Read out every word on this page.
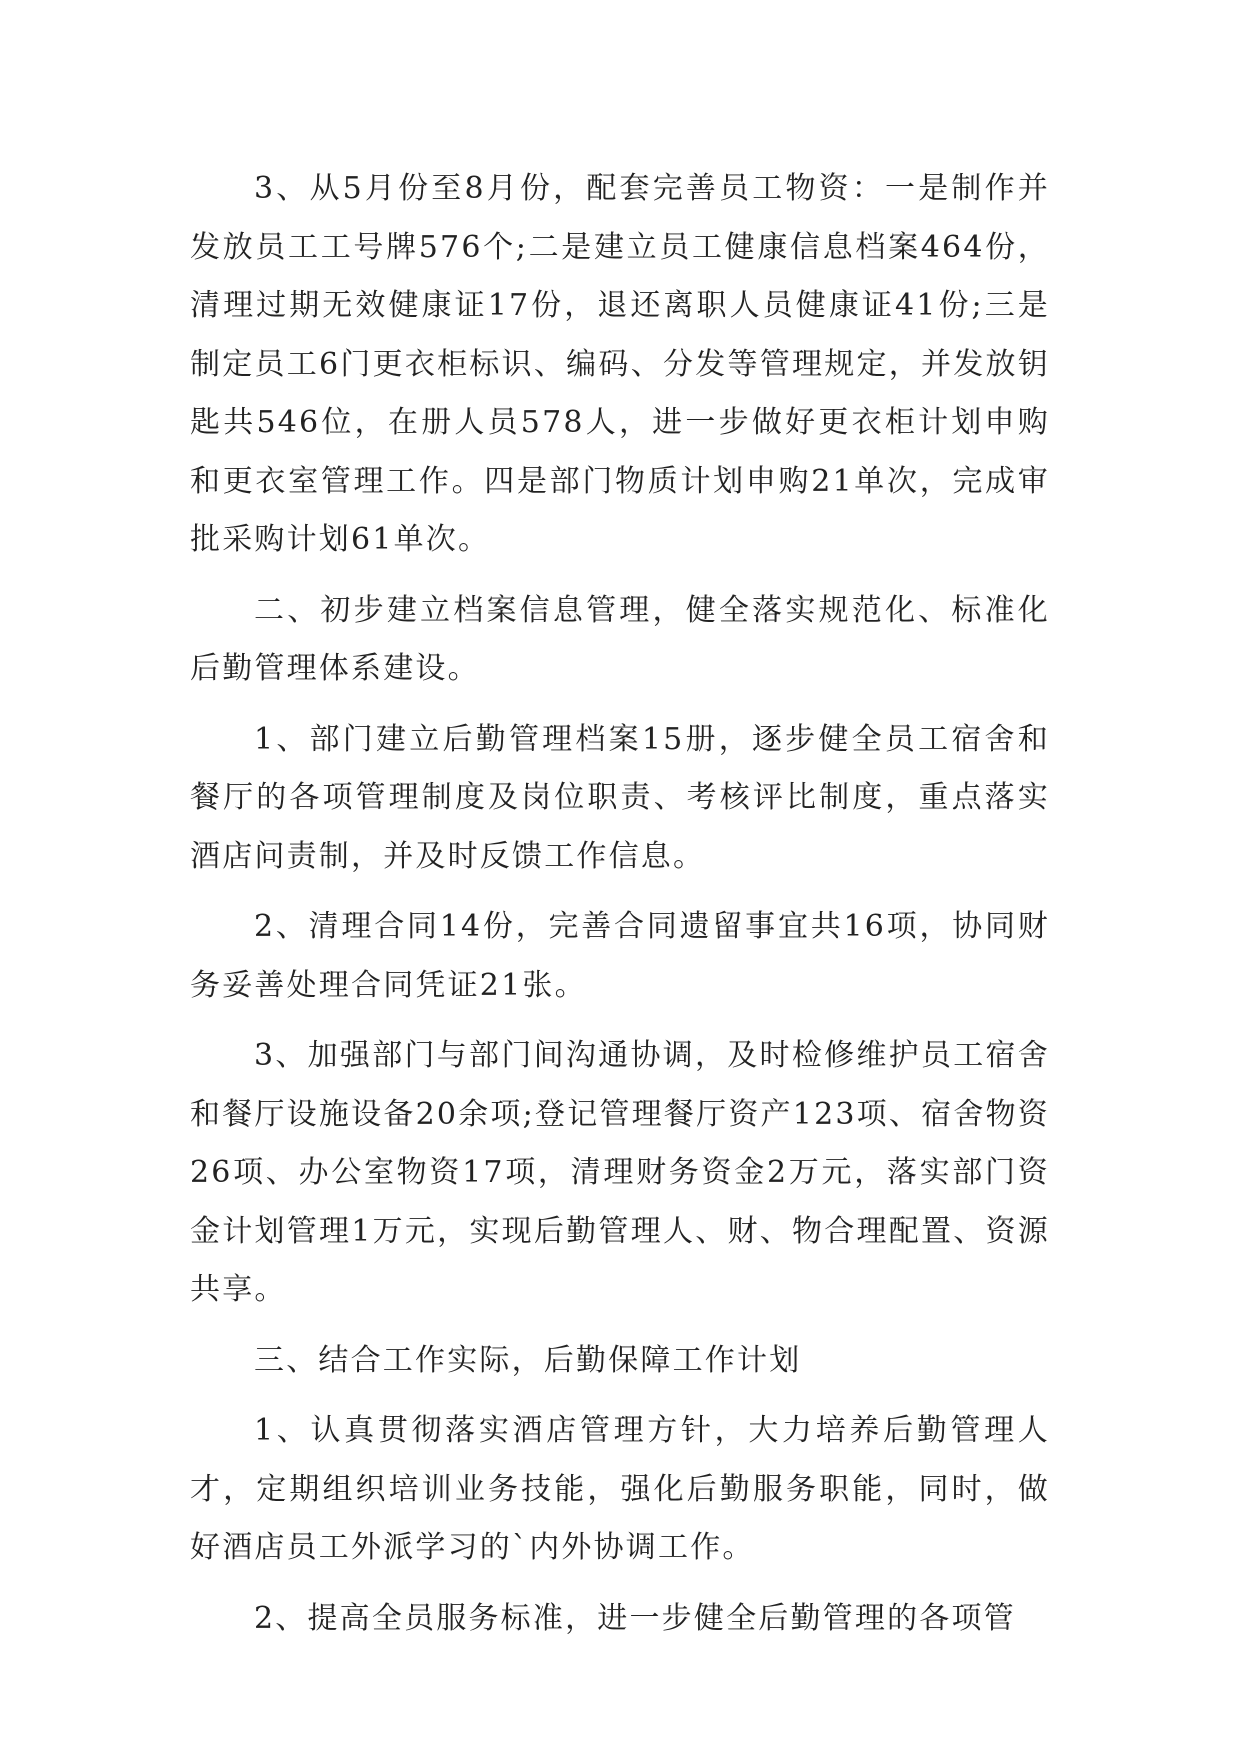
3、从5月份至8月份，配套完善员工物资：一是制作并发放员工工号牌576个;二是建立员工健康信息档案464份，清理过期无效健康证17份，退还离职人员健康证41份;三是制定员工6门更衣柜标识、编码、分发等管理规定，并发放钥匙共546位，在册人员578人，进一步做好更衣柜计划申购和更衣室管理工作。四是部门物质计划申购21单次，完成审批采购计划61单次。

二、初步建立档案信息管理，健全落实规范化、标准化后勤管理体系建设。

1、部门建立后勤管理档案15册，逐步健全员工宿舍和餐厅的各项管理制度及岗位职责、考核评比制度，重点落实酒店问责制，并及时反馈工作信息。

2、清理合同14份，完善合同遗留事宜共16项，协同财务妥善处理合同凭证21张。

3、加强部门与部门间沟通协调，及时检修维护员工宿舍和餐厅设施设备20余项;登记管理餐厅资产123项、宿舍物资26项、办公室物资17项，清理财务资金2万元，落实部门资金计划管理1万元，实现后勤管理人、财、物合理配置、资源共享。

三、结合工作实际，后勤保障工作计划

1、认真贯彻落实酒店管理方针，大力培养后勤管理人才，定期组织培训业务技能，强化后勤服务职能，同时，做好酒店员工外派学习的`内外协调工作。

2、提高全员服务标准，进一步健全后勤管理的各项管
